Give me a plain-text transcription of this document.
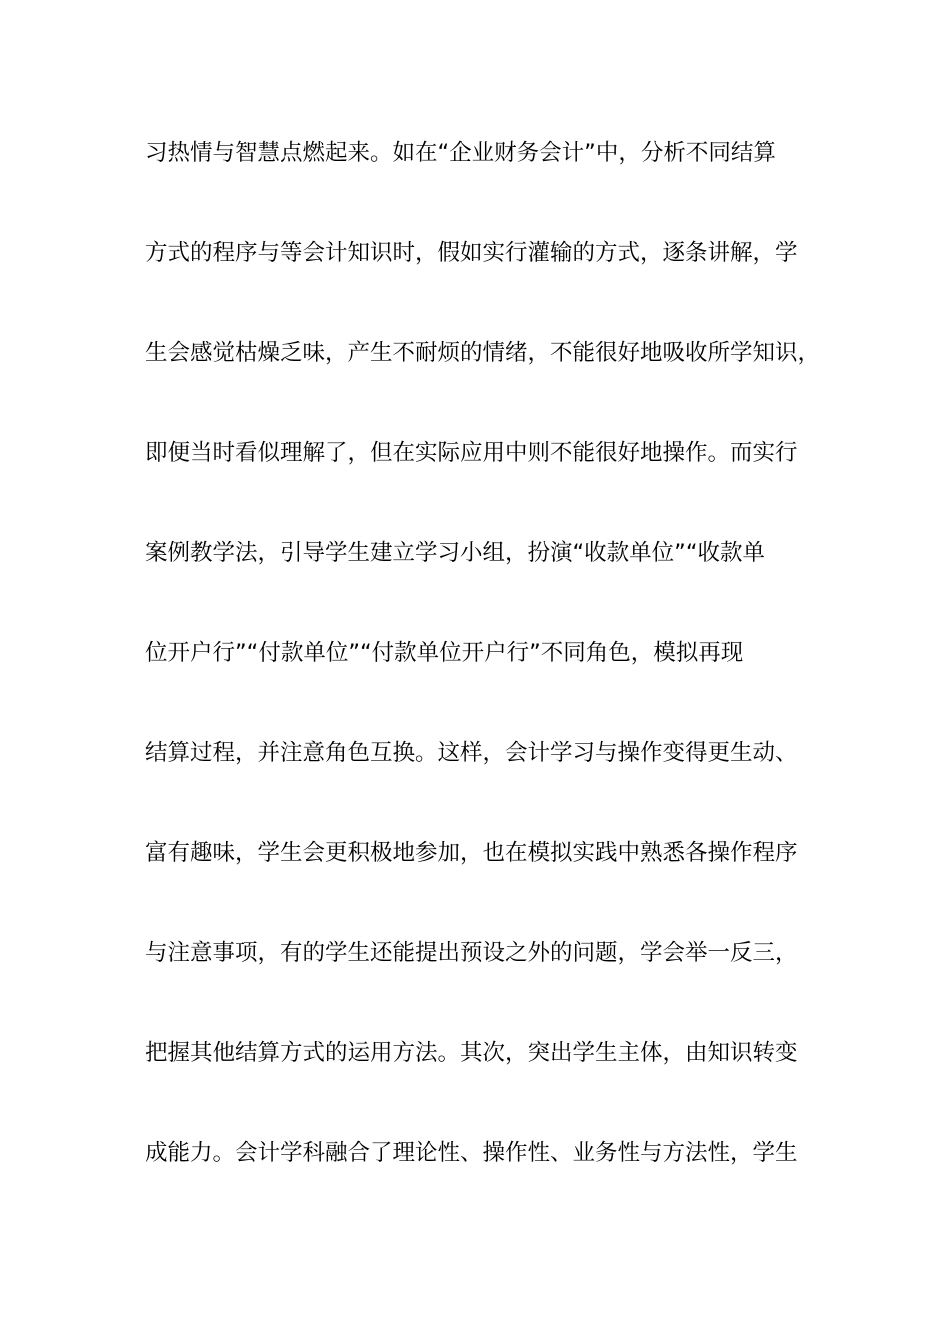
习热情与智慧点燃起来。如在“企业财务会计”中，分析不同结算
方式的程序与等会计知识时，假如实行灌输的方式，逐条讲解，学
生会感觉枯燥乏味，产生不耐烦的情绪，不能很好地吸收所学知识，
即便当时看似理解了，但在实际应用中则不能很好地操作。而实行
案例教学法，引导学生建立学习小组，扮演“收款单位”“收款单
位开户行”“付款单位”“付款单位开户行”不同角色，模拟再现
结算过程，并注意角色互换。这样，会计学习与操作变得更生动、
富有趣味，学生会更积极地参加，也在模拟实践中熟悉各操作程序
与注意事项，有的学生还能提出预设之外的问题，学会举一反三，
把握其他结算方式的运用方法。其次，突出学生主体，由知识转变
成能力。会计学科融合了理论性、操作性、业务性与方法性，学生
